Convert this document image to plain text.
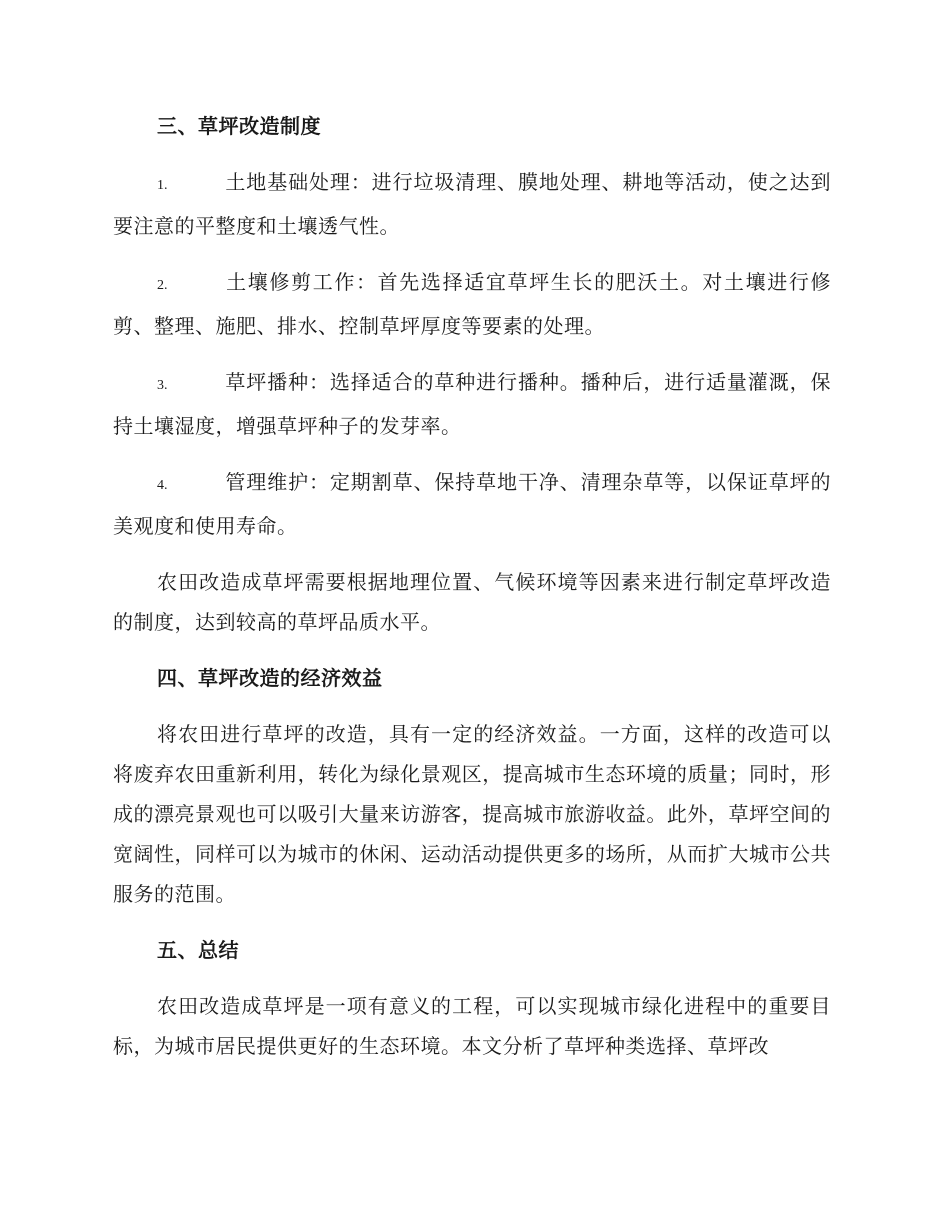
三、草坪改造制度

1.	土地基础处理：进行垃圾清理、膜地处理、耕地等活动，使之达到要注意的平整度和土壤透气性。

2.	土壤修剪工作：首先选择适宜草坪生长的肥沃土。对土壤进行修剪、整理、施肥、排水、控制草坪厚度等要素的处理。

3.	草坪播种：选择适合的草种进行播种。播种后，进行适量灌溉，保持土壤湿度，增强草坪种子的发芽率。

4.	管理维护：定期割草、保持草地干净、清理杂草等，以保证草坪的美观度和使用寿命。

农田改造成草坪需要根据地理位置、气候环境等因素来进行制定草坪改造的制度，达到较高的草坪品质水平。

四、草坪改造的经济效益

将农田进行草坪的改造，具有一定的经济效益。一方面，这样的改造可以将废弃农田重新利用，转化为绿化景观区，提高城市生态环境的质量；同时，形成的漂亮景观也可以吸引大量来访游客，提高城市旅游收益。此外，草坪空间的宽阔性，同样可以为城市的休闲、运动活动提供更多的场所，从而扩大城市公共服务的范围。

五、总结

农田改造成草坪是一项有意义的工程，可以实现城市绿化进程中的重要目标，为城市居民提供更好的生态环境。本文分析了草坪种类选择、草坪改
